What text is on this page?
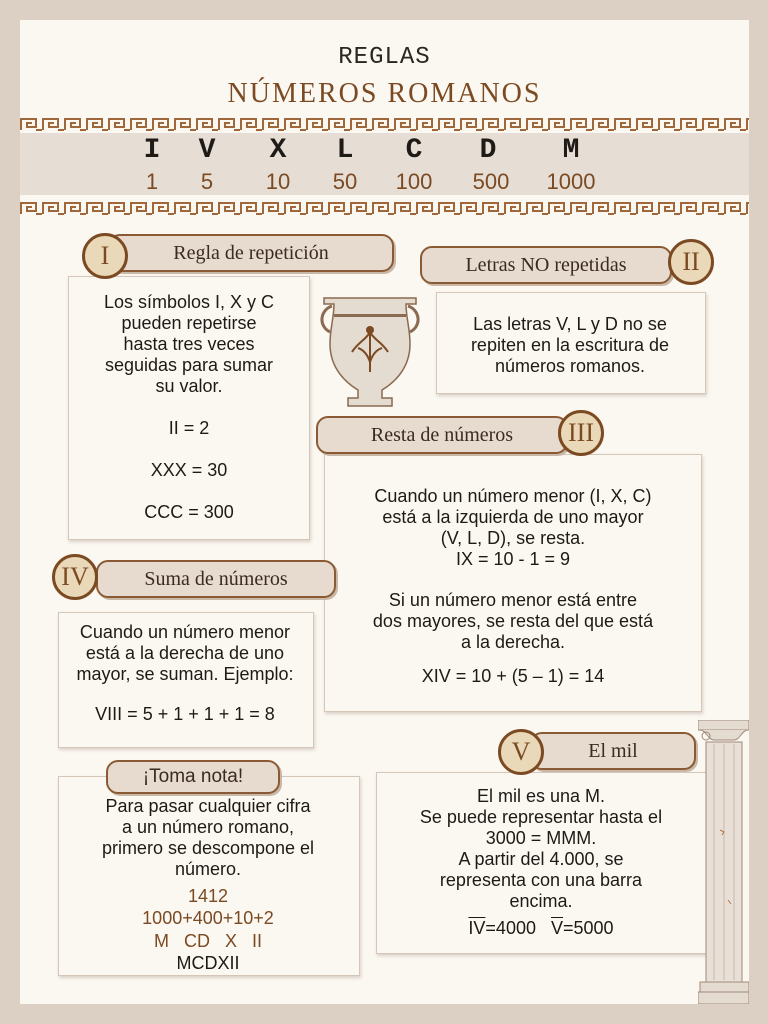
REGLAS
NÚMEROS ROMANOS
I	V	X	L	C	D	M
1	5	10	50	100	500	1000
Regla de repetición
I
Los símbolos I, X y C
pueden repetirse
hasta tres veces
seguidas para sumar
su valor.
II = 2
XXX = 30
CCC = 300
Letras NO repetidas	II
Las letras V, L y D no se
repiten en la escritura de
números romanos.
Resta de números	III
Cuando un número menor (I, X, C)
está a la izquierda de uno mayor
(V, L, D), se resta.
IX = 10 - 1 = 9
Si un número menor está entre
dos mayores, se resta del que está
a la derecha.
XIV = 10 + (5 – 1) = 14
Suma de números
IV
Cuando un número menor
está a la derecha de uno
mayor, se suman. Ejemplo:
VIII = 5 + 1 + 1 + 1 = 8
¡Toma nota!
Para pasar cualquier cifra
a un número romano,
primero se descompone el
número.
1412
1000+400+10+2
M CD X II
MCDXII
El mil
V
El mil es una M.
Se puede representar hasta el
3000 = MMM.
A partir del 4.000, se
representa con una barra
encima.
$\overline{IV}=4000$ $\overline{V}=5000$
